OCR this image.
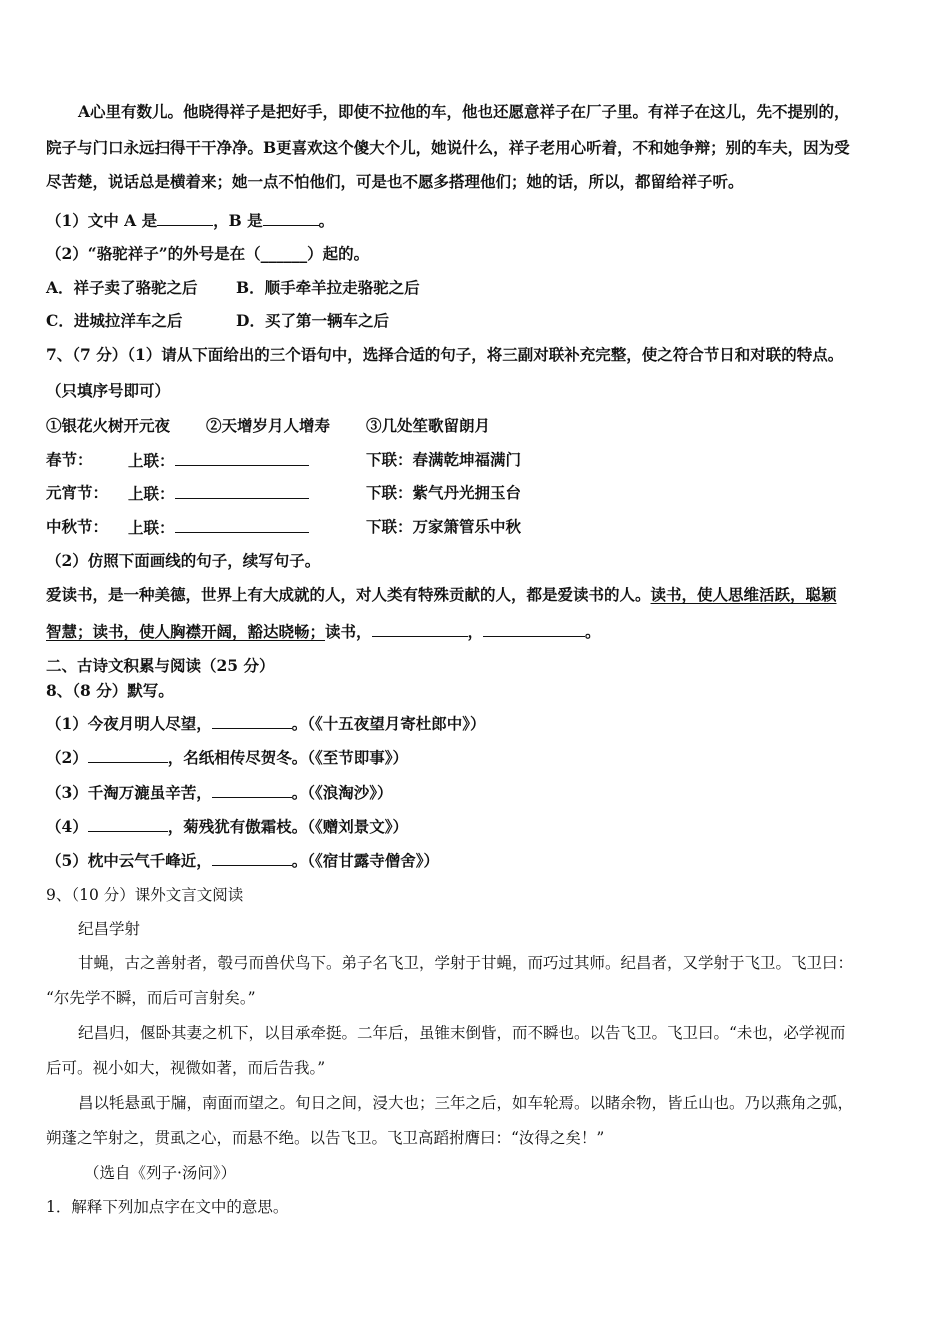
A心里有数儿。他晓得祥子是把好手，即使不拉他的车，他也还愿意祥子在厂子里。有祥子在这儿，先不提别的，
院子与门口永远扫得干干净净。B更喜欢这个傻大个儿，她说什么，祥子老用心听着，不和她争辩；别的车夫，因为受
尽苦楚，说话总是横着来；她一点不怕他们，可是也不愿多搭理他们；她的话，所以，都留给祥子听。
（1）文中 A 是	，B 是	。
（2）“骆驼祥子”的外号是在（______）起的。
A．祥子卖了骆驼之后 B．顺手牵羊拉走骆驼之后
C．进城拉洋车之后	D．买了第一辆车之后
7、（7 分）（1）请从下面给出的三个语句中，选择合适的句子，将三副对联补充完整，使之符合节日和对联的特点。
（只填序号即可）
①银花火树开元夜 ②天增岁月人增寿 ③几处笙歌留朗月
春节： 上联：	下联：春满乾坤福满门
元宵节： 上联：	下联：紫气丹光拥玉台
中秋节： 上联：	下联：万家箫管乐中秋
（2）仿照下面画线的句子，续写句子。
爱读书，是一种美德，世界上有大成就的人，对人类有特殊贡献的人，都是爱读书的人。读书，使人思维活跃，聪颖
智慧；读书，使人胸襟开阔，豁达晓畅；读书，	，	。
二、古诗文积累与阅读（25 分）
8、（8 分）默写。
（1）今夜月明人尽望，	。（《十五夜望月寄杜郎中》）
（2）	，名纸相传尽贺冬。（《至节即事》）
（3）千淘万漉虽辛苦，	。（《浪淘沙》）
（4）	，菊残犹有傲霜枝。（《赠刘景文》）
（5）枕中云气千峰近，	。（《宿甘露寺僧舍》）
9、（10 分）课外文言文阅读
纪昌学射
甘蝇，古之善射者，彀弓而兽伏鸟下。弟子名飞卫，学射于甘蝇，而巧过其师。纪昌者，又学射于飞卫。飞卫曰：
“尔先学不瞬，而后可言射矣。”
纪昌归，偃卧其妻之机下，以目承牵挺。二年后，虽锥末倒眥，而不瞬也。以告飞卫。飞卫曰。“未也，必学视而
后可。视小如大，视微如著，而后告我。”
昌以牦悬虱于牖，南面而望之。旬日之间，浸大也；三年之后，如车轮焉。以睹余物，皆丘山也。乃以燕角之弧，
朔蓬之竿射之，贯虱之心，而悬不绝。以告飞卫。飞卫高蹈拊膺曰：“汝得之矣！”
（选自《列子·汤问》）
1．解释下列加点字在文中的意思。
